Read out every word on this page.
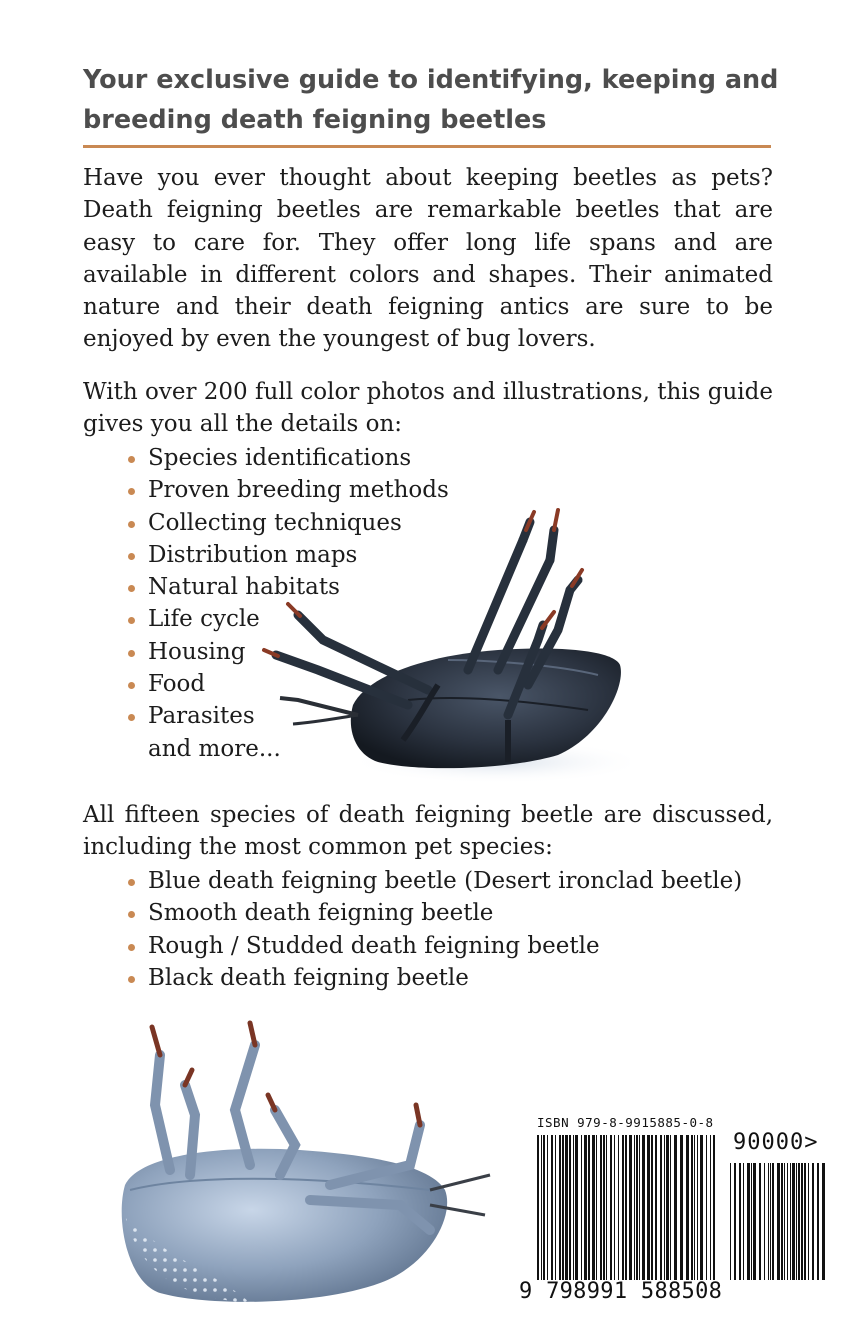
Your exclusive guide to identifying, keeping and breeding death feigning beetles

Have you ever thought about keeping beetles as pets? Death feigning beetles are remarkable beetles that are easy to care for. They offer long life spans and are available in different colors and shapes. Their animated nature and their death feigning antics are sure to be enjoyed by even the youngest of bug lovers.

With over 200 full color photos and illustrations, this guide gives you all the details on:

Species identifications
Proven breeding methods
Collecting techniques
Distribution maps
Natural habitats
Life cycle
Housing
Food
Parasites
and more...

All fifteen species of death feigning beetle are discussed, including the most common pet species:

Blue death feigning beetle (Desert ironclad beetle)
Smooth death feigning beetle
Rough / Studded death feigning beetle
Black death feigning beetle
ISBN 979-8-9915885-0-8
90000>
9 798991 588508
